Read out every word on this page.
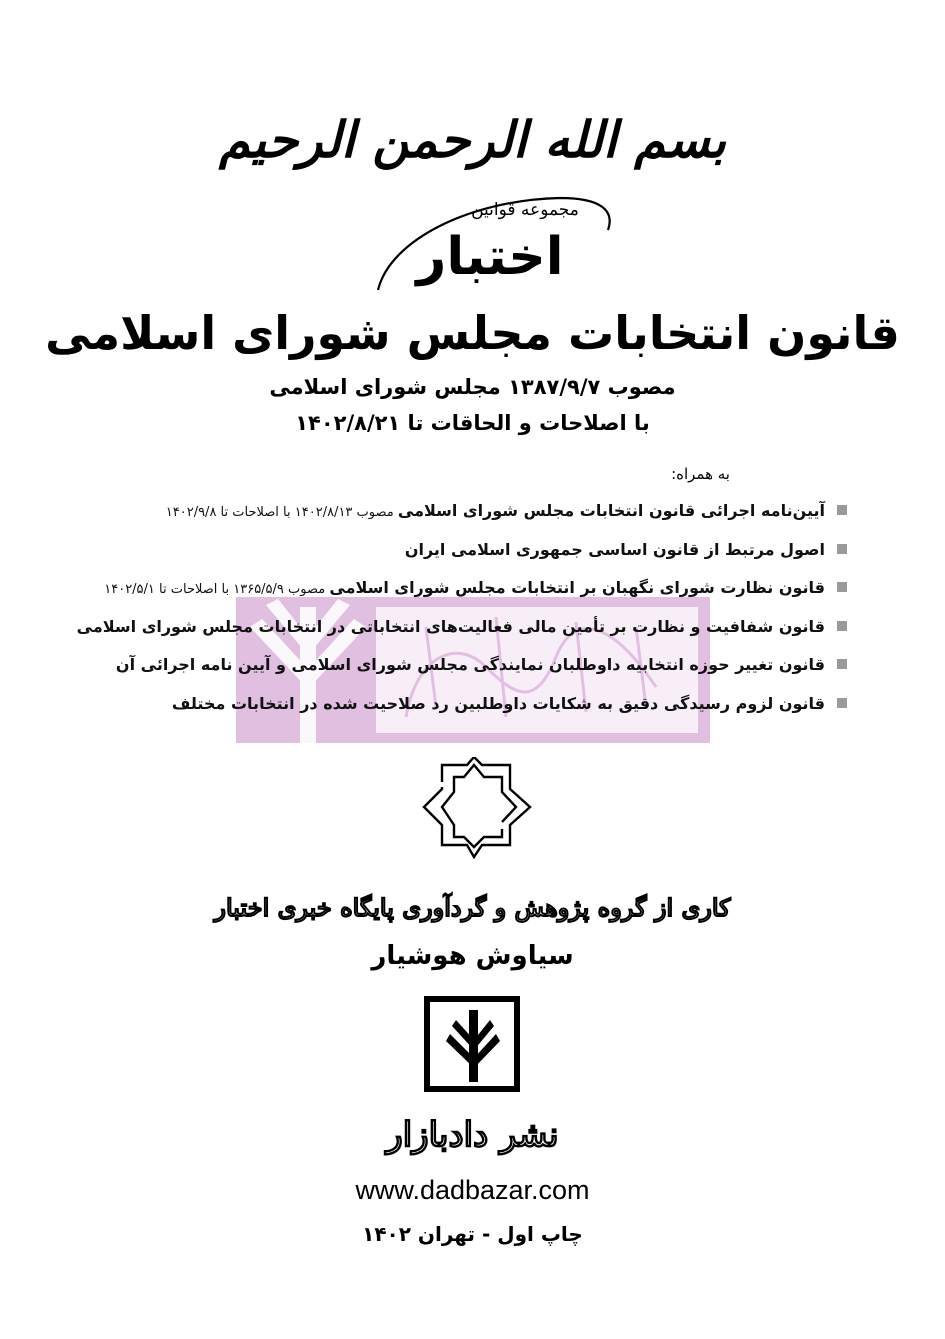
بسم الله الرحمن الرحیم
مجموعه قوانین
اختبار
قانون انتخابات مجلس شورای اسلامی
مصوب ۱۳۸۷/۹/۷ مجلس شورای اسلامی
با اصلاحات و الحاقات تا ۱۴۰۲/۸/۲۱
به همراه:
آیین‌نامه اجرائی قانون انتخابات مجلس شورای اسلامی مصوب ۱۴۰۲/۸/۱۳ با اصلاحات تا ۱۴۰۲/۹/۸
اصول مرتبط از قانون اساسی جمهوری اسلامی ایران
قانون نظارت شورای نگهبان بر انتخابات مجلس شورای اسلامی مصوب ۱۳۶۵/۵/۹ با اصلاحات تا ۱۴۰۲/۵/۱
قانون شفافیت و نظارت بر تأمین مالی فعالیت‌های انتخاباتی در انتخابات مجلس شورای اسلامی
قانون تغییر حوزه انتخابیه داوطلبان نمایندگی مجلس شورای اسلامی و آیین نامه اجرائی آن
قانون لزوم رسیدگی دقیق به شکایات داوطلبین رد صلاحیت شده در انتخابات مختلف
کاری از گروه پژوهش و گردآوری پایگاه خبری اختبار
سیاوش هوشیار
نشر دادبازار
www.dadbazar.com
چاپ اول - تهران ۱۴۰۲
